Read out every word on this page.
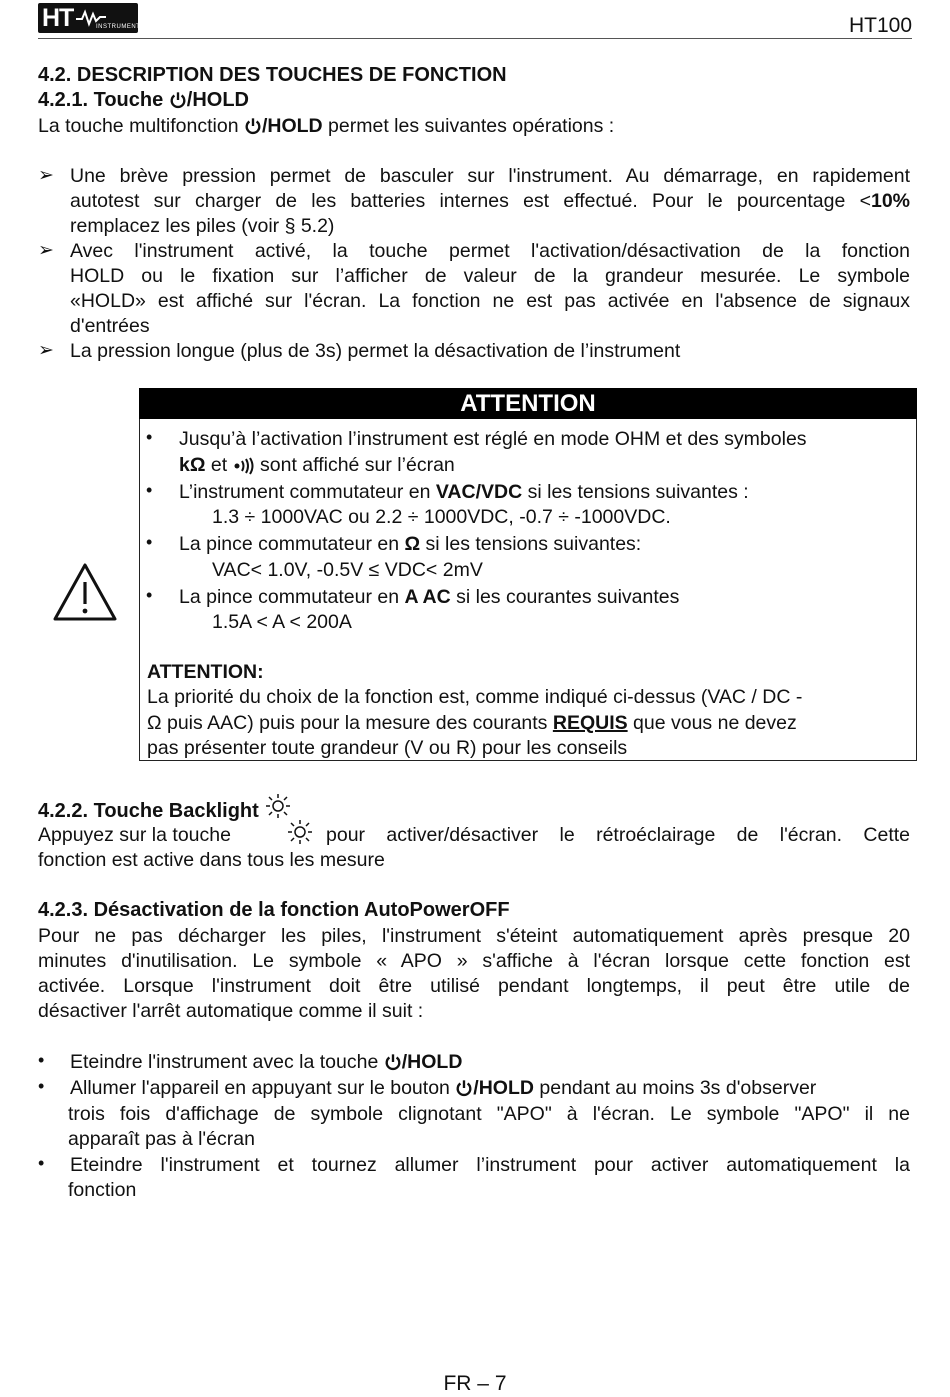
HT	INSTRUMENTS	HT100
4.2. DESCRIPTION DES TOUCHES DE FONCTION
4.2.1. Touche /HOLD
La touche multifonction /HOLD permet les suivantes opérations :
➢ Une brève pression permet de basculer sur l'instrument. Au démarrage, en rapidement
autotest sur charger de les batteries internes est effectué. Pour le pourcentage <10%
remplacez les piles (voir § 5.2)
➢ Avec l'instrument activé, la touche permet l'activation/désactivation de la fonction
HOLD ou le fixation sur l’afficher de valeur de la grandeur mesurée. Le symbole
«HOLD» est affiché sur l'écran. La fonction ne est pas activée en l'absence de signaux
d'entrées
➢ La pression longue (plus de 3s) permet la désactivation de l’instrument
ATTENTION
• Jusqu’à l’activation l’instrument est réglé en mode OHM et des symboles
kΩ et  sont affiché sur l’écran
• L’instrument commutateur en VAC/VDC si les tensions suivantes :
1.3 ÷ 1000VAC ou 2.2 ÷ 1000VDC, -0.7 ÷ -1000VDC.
• La pince commutateur en Ω si les tensions suivantes:
VAC< 1.0V, -0.5V ≤ VDC< 2mV
• La pince commutateur en A AC si les courantes suivantes
1.5A < A < 200A
ATTENTION:
La priorité du choix de la fonction est, comme indiqué ci-dessus (VAC / DC -
Ω puis AAC) puis pour la mesure des courants REQUIS que vous ne devez
pas présenter toute grandeur (V ou R) pour les conseils
4.2.2. Touche Backlight
Appuyez sur la touche	pour activer/désactiver le rétroéclairage de l'écran. Cette
fonction est active dans tous les mesure
4.2.3. Désactivation de la fonction AutoPowerOFF
Pour ne pas décharger les piles, l'instrument s'éteint automatiquement après presque 20
minutes d'inutilisation. Le symbole « APO » s'affiche à l'écran lorsque cette fonction est
activée. Lorsque l'instrument doit être utilisé pendant longtemps, il peut être utile de
désactiver l'arrêt automatique comme il suit :
• Eteindre l'instrument avec la touche /HOLD
• Allumer l'appareil en appuyant sur le bouton /HOLD pendant au moins 3s d'observer
trois fois d'affichage de symbole clignotant "APO" à l'écran. Le symbole "APO" il ne
apparaît pas à l'écran
• Eteindre l'instrument et tournez allumer l’instrument pour activer automatiquement la
fonction
FR – 7
